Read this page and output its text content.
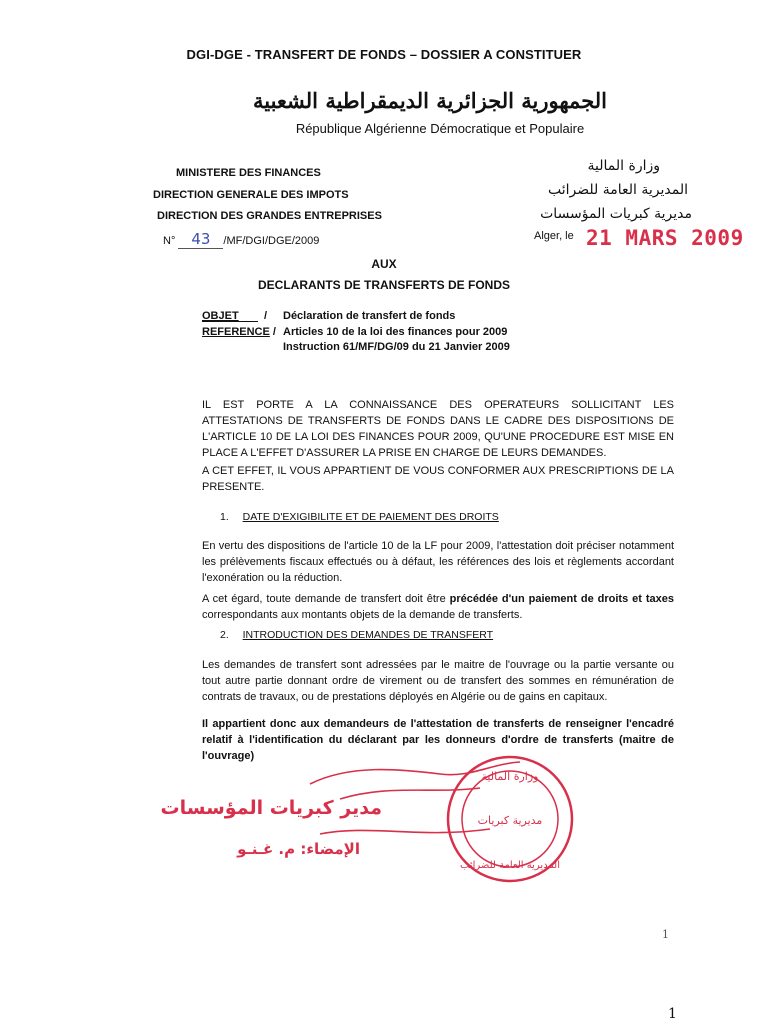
DGI-DGE - TRANSFERT DE FONDS – DOSSIER A CONSTITUER
الجمهورية الجزائرية الديمقراطية الشعبية
République Algérienne Démocratique et Populaire
MINISTERE DES FINANCES
DIRECTION GENERALE DES IMPOTS
DIRECTION DES GRANDES ENTREPRISES
وزارة المالية
المديرية العامة للضرائب
مديرية كبريات المؤسسات
N° 43 /MF/DGI/DGE/2009	Alger, le 21 MARS 2009
AUX
DECLARANTS DE TRANSFERTS DE FONDS
OBJET / Déclaration de transfert de fonds
REFERENCE / Articles 10 de la loi des finances pour 2009
Instruction 61/MF/DG/09 du 21 Janvier 2009
IL EST PORTE A LA CONNAISSANCE DES OPERATEURS SOLLICITANT LES ATTESTATIONS DE TRANSFERTS DE FONDS DANS LE CADRE DES DISPOSITIONS DE L'ARTICLE 10 DE LA LOI DES FINANCES POUR 2009, QU'UNE PROCEDURE EST MISE EN PLACE A L'EFFET D'ASSURER LA PRISE EN CHARGE DE LEURS DEMANDES.
A CET EFFET, IL VOUS APPARTIENT DE VOUS CONFORMER AUX PRESCRIPTIONS DE LA PRESENTE.
1. DATE D'EXIGIBILITE ET DE PAIEMENT DES DROITS
En vertu des dispositions de l'article 10 de la LF pour 2009, l'attestation doit préciser notamment les prélèvements fiscaux effectués ou à défaut, les références des lois et règlements accordant l'exonération ou la réduction.
A cet égard, toute demande de transfert doit être précédée d'un paiement de droits et taxes correspondants aux montants objets de la demande de transferts.
2. INTRODUCTION DES DEMANDES DE TRANSFERT
Les demandes de transfert sont adressées par le maitre de l'ouvrage ou la partie versante ou tout autre partie donnant ordre de virement ou de transfert des sommes en rémunération de contrats de travaux, ou de prestations déployés en Algérie ou de gains en capitaux.
Il appartient donc aux demandeurs de l'attestation de transferts de renseigner l'encadré relatif à l'identification du déclarant par les donneurs d'ordre de transferts (maitre de l'ouvrage)
مدير كبريات المؤسسات
الإمضاء: م. غـنـو
وزارة المالية
مديرية كبريات
المديرية العامة للضرائب
1
1
